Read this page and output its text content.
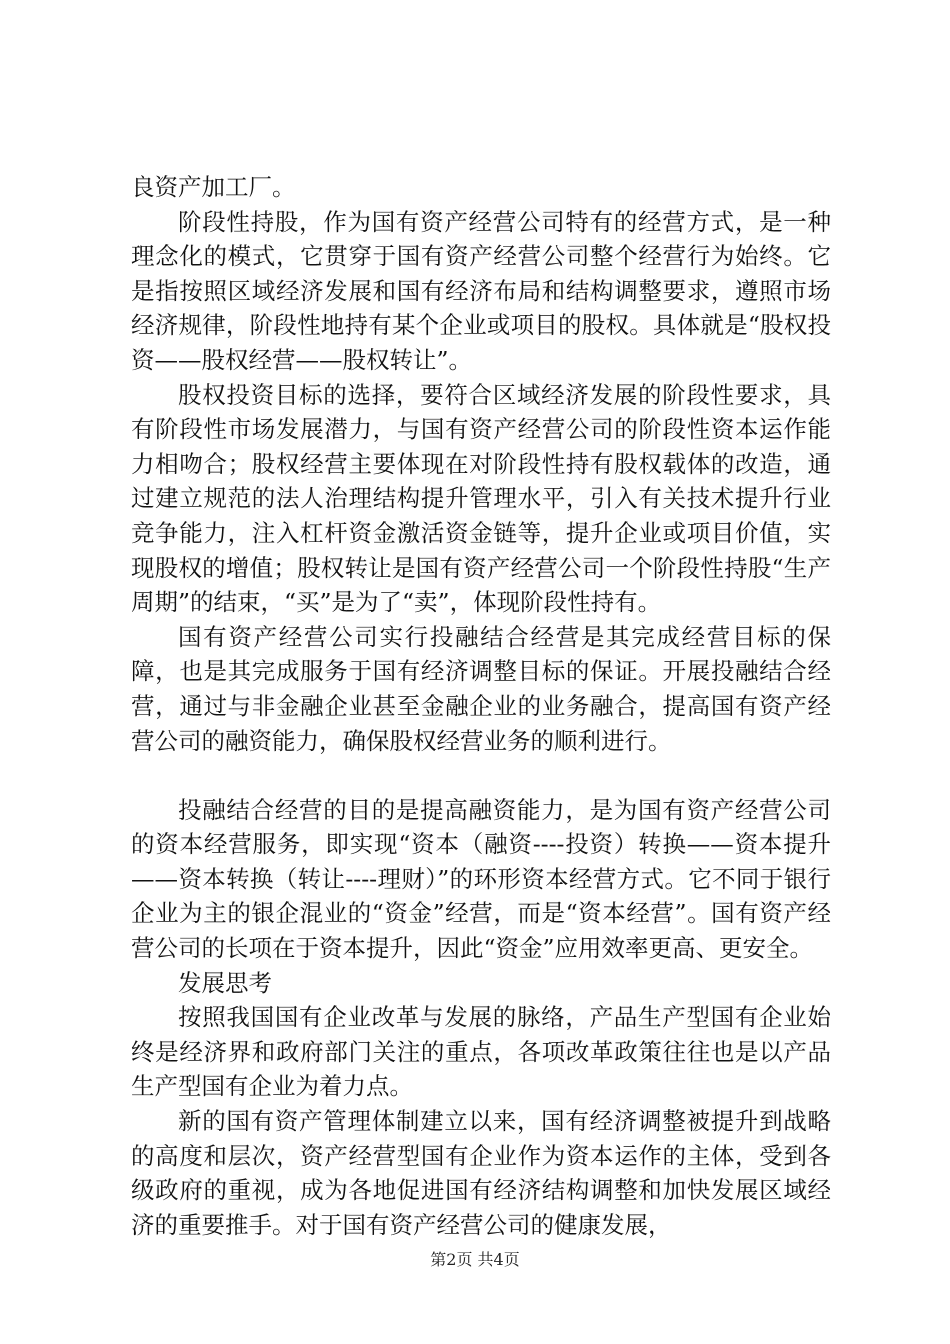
良资产加工厂。

阶段性持股，作为国有资产经营公司特有的经营方式，是一种理念化的模式，它贯穿于国有资产经营公司整个经营行为始终。它是指按照区域经济发展和国有经济布局和结构调整要求，遵照市场经济规律，阶段性地持有某个企业或项目的股权。具体就是“股权投资——股权经营——股权转让”。

股权投资目标的选择，要符合区域经济发展的阶段性要求，具有阶段性市场发展潜力，与国有资产经营公司的阶段性资本运作能力相吻合；股权经营主要体现在对阶段性持有股权载体的改造，通过建立规范的法人治理结构提升管理水平，引入有关技术提升行业竞争能力，注入杠杆资金激活资金链等，提升企业或项目价值，实现股权的增值；股权转让是国有资产经营公司一个阶段性持股“生产周期”的结束，“买”是为了“卖”，体现阶段性持有。

国有资产经营公司实行投融结合经营是其完成经营目标的保障，也是其完成服务于国有经济调整目标的保证。开展投融结合经营，通过与非金融企业甚至金融企业的业务融合，提高国有资产经营公司的融资能力，确保股权经营业务的顺利进行。

投融结合经营的目的是提高融资能力，是为国有资产经营公司的资本经营服务，即实现“资本（融资----投资）转换——资本提升——资本转换（转让----理财）”的环形资本经营方式。它不同于银行企业为主的银企混业的“资金”经营，而是“资本经营”。国有资产经营公司的长项在于资本提升，因此“资金”应用效率更高、更安全。

发展思考

按照我国国有企业改革与发展的脉络，产品生产型国有企业始终是经济界和政府部门关注的重点，各项改革政策往往也是以产品生产型国有企业为着力点。

新的国有资产管理体制建立以来，国有经济调整被提升到战略的高度和层次，资产经营型国有企业作为资本运作的主体，受到各级政府的重视，成为各地促进国有经济结构调整和加快发展区域经济的重要推手。对于国有资产经营公司的健康发展，

第2页 共4页
